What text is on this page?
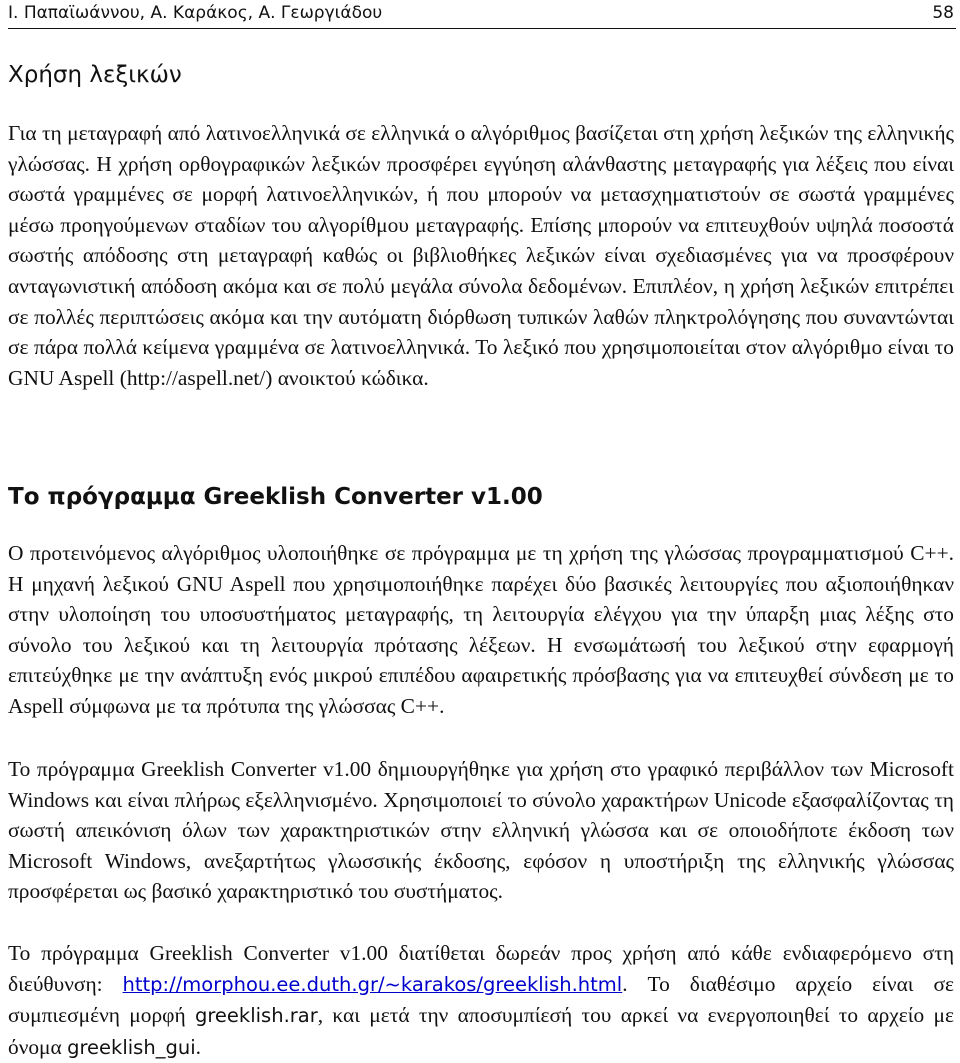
Ι. Παπαϊωάννου, Α. Καράκος, Α. Γεωργιάδου	58
Χρήση λεξικών

Για τη μεταγραφή από λατινοελληνικά σε ελληνικά ο αλγόριθμος βασίζεται στη χρήση λεξικών της ελληνικής γλώσσας. Η χρήση ορθογραφικών λεξικών προσφέρει εγγύηση αλάνθαστης μεταγραφής για λέξεις που είναι σωστά γραμμένες σε μορφή λατινοελληνικών, ή που μπορούν να μετασχηματιστούν σε σωστά γραμμένες μέσω προηγούμενων σταδίων του αλγορίθμου μεταγραφής. Επίσης μπορούν να επιτευχθούν υψηλά ποσοστά σωστής απόδοσης στη μεταγραφή καθώς οι βιβλιοθήκες λεξικών είναι σχεδιασμένες για να προσφέρουν ανταγωνιστική απόδοση ακόμα και σε πολύ μεγάλα σύνολα δεδομένων. Επιπλέον, η χρήση λεξικών επιτρέπει σε πολλές περιπτώσεις ακόμα και την αυτόματη διόρθωση τυπικών λαθών πληκτρολόγησης που συναντώνται σε πάρα πολλά κείμενα γραμμένα σε λατινοελληνικά. Το λεξικό που χρησιμοποιείται στον αλγόριθμο είναι το GNU Aspell (http://aspell.net/) ανοικτού κώδικα.

Το πρόγραμμα Greeklish Converter v1.00

Ο προτεινόμενος αλγόριθμος υλοποιήθηκε σε πρόγραμμα με τη χρήση της γλώσσας προγραμματισμού C++. Η μηχανή λεξικού GNU Aspell που χρησιμοποιήθηκε παρέχει δύο βασικές λειτουργίες που αξιοποιήθηκαν στην υλοποίηση του υποσυστήματος μεταγραφής, τη λειτουργία ελέγχου για την ύπαρξη μιας λέξης στο σύνολο του λεξικού και τη λειτουργία πρότασης λέξεων. Η ενσωμάτωσή του λεξικού στην εφαρμογή επιτεύχθηκε με την ανάπτυξη ενός μικρού επιπέδου αφαιρετικής πρόσβασης για να επιτευχθεί σύνδεση με το Aspell σύμφωνα με τα πρότυπα της γλώσσας C++.

Το πρόγραμμα Greeklish Converter v1.00 δημιουργήθηκε για χρήση στο γραφικό περιβάλλον των Microsoft Windows και είναι πλήρως εξελληνισμένο. Χρησιμοποιεί το σύνολο χαρακτήρων Unicode εξασφαλίζοντας τη σωστή απεικόνιση όλων των χαρακτηριστικών στην ελληνική γλώσσα και σε οποιοδήποτε έκδοση των Microsoft Windows, ανεξαρτήτως γλωσσικής έκδοσης, εφόσον η υποστήριξη της ελληνικής γλώσσας προσφέρεται ως βασικό χαρακτηριστικό του συστήματος.

Το πρόγραμμα Greeklish Converter v1.00 διατίθεται δωρεάν προς χρήση από κάθε ενδιαφερόμενο στη διεύθυνση: http://morphou.ee.duth.gr/~karakos/greeklish.html. Το διαθέσιμο αρχείο είναι σε συμπιεσμένη μορφή greeklish.rar, και μετά την αποσυμπίεσή του αρκεί να ενεργοποιηθεί το αρχείο με όνομα greeklish_gui.
